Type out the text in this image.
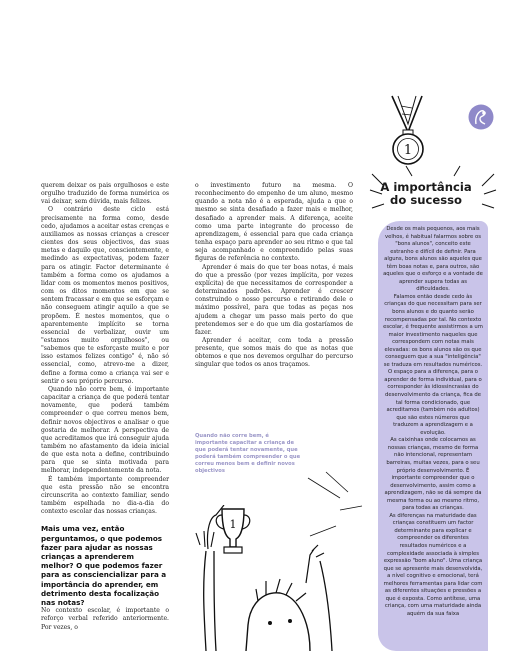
1

querem deixar os pais orgulhosos e este orgulho traduzido de forma numérica os vai deixar, sem dúvida, mais felizes.

O contrário deste ciclo está precisamente na forma como, desde cedo, ajudamos a aceitar estas crenças e auxiliamos as nossas crianças a crescer cientes dos seus objectivos, das suas metas e daquilo que, conscientemente, e medindo as expectativas, podem fazer para os atingir. Factor determinante é também a forma como os ajudamos a lidar com os momentos menos positivos, com os ditos momentos em que se sentem fracassar e em que se esforçam e não conseguem atingir aquilo a que se propõem. É nestes momentos, que o aparentemente implícito se torna essencial de verbalizar, ouvir um "estamos muito orgulhosos", ou "sabemos que te esforçaste muito e por isso estamos felizes contigo" é, não só essencial, como, atrevo-me a dizer, define a forma como a criança vai ser e sentir o seu próprio percurso.

Quando não corre bem, é importante capacitar a criança de que poderá tentar novamente, que poderá também compreender o que correu menos bem, definir novos objectivos e analisar o que gostaria de melhorar. A perspectiva de que acreditamos que irá conseguir ajuda também no afastamento da ideia inicial de que esta nota a define, contribuindo para que se sinta motivada para melhorar, independentemente da nota.

É também importante compreender que esta pressão não se encontra circunscrita ao contexto familiar, sendo também espelhada no dia-a-dia do contexto escolar das nossas crianças.

Mais uma vez, então perguntamos, o que podemos fazer para ajudar as nossas crianças a aprenderem melhor? O que podemos fazer para as consciencializar para a importância do aprender, em detrimento desta focalização nas notas?

No contexto escolar, é importante o reforço verbal referido anteriormente. Por vezes, o

o investimento futuro na mesma. O reconhecimento do empenho de um aluno, mesmo quando a nota não é a esperada, ajuda a que o mesmo se sinta desafiado a fazer mais e melhor, desafiado a aprender mais. A diferença, aceite como uma parte integrante do processo de aprendizagem, é essencial para que cada criança tenha espaço para aprender ao seu ritmo e que tal seja acompanhado e compreendido pelas suas figuras de referência no contexto.

Aprender é mais do que ter boas notas, é mais do que a pressão (por vezes implícita, por vezes explícita) de que necessitamos de corresponder a determinados padrões. Aprender é crescer construindo o nosso percurso e retirando dele o máximo possível, para que todas as peças nos ajudem a chegar um passo mais perto do que pretendemos ser e do que um dia gostaríamos de fazer.

Aprender é aceitar, com toda a pressão presente, que somos mais do que as notas que obtemos e que nos devemos orgulhar do percurso singular que todos os anos traçamos.

Quando não corre bem, é importante capacitar a criança de que poderá tentar novamente, que poderá também compreender o que correu menos bem e definir novos objectivos
1
A importância
do sucesso

Desde os mais pequenos, aos mais velhos, é habitual falarmos sobre os "bons alunos", conceito este estranho e difícil de definir. Para alguns, bons alunos são aqueles que têm boas notas e, para outros, são aqueles que o esforço e a vontade de aprender supera todas as dificuldades.

Falamos então desde cedo às crianças do que necessitam para ser bons alunos e do quanto serão recompensadas por tal. No contexto escolar, é frequente assistirmos a um maior investimento naqueles que correspondem com notas mais elevadas: os bons alunos são os que conseguem que a sua "inteligência" se traduza em resultados numéricos.

O espaço para a diferença, para o aprender de forma individual, para o corresponder às idiossincrasias do desenvolvimento da criança, fica de tal forma condicionado, que acreditamos (também nós adultos) que são estes números que traduzem a aprendizagem e a evolução.

As caixinhas onde colocamos as nossas crianças, mesmo de forma não intencional, representam barreiras, muitas vezes, para o seu próprio desenvolvimento. É importante compreender que o desenvolvimento, assim como a aprendizagem, não se dá sempre da mesma forma ou ao mesmo ritmo, para todas as crianças.

As diferenças na maturidade das crianças constituem um factor determinante para explicar e compreender os diferentes resultados numéricos e a complexidade associada à simples expressão "bom aluno". Uma criança que se apresente mais desenvolvida, a nível cognitivo e emocional, terá melhores ferramentas para lidar com as diferentes situações e pressões a que é exposta. Como antítese, uma criança, com uma maturidade ainda aquém da sua faixa
